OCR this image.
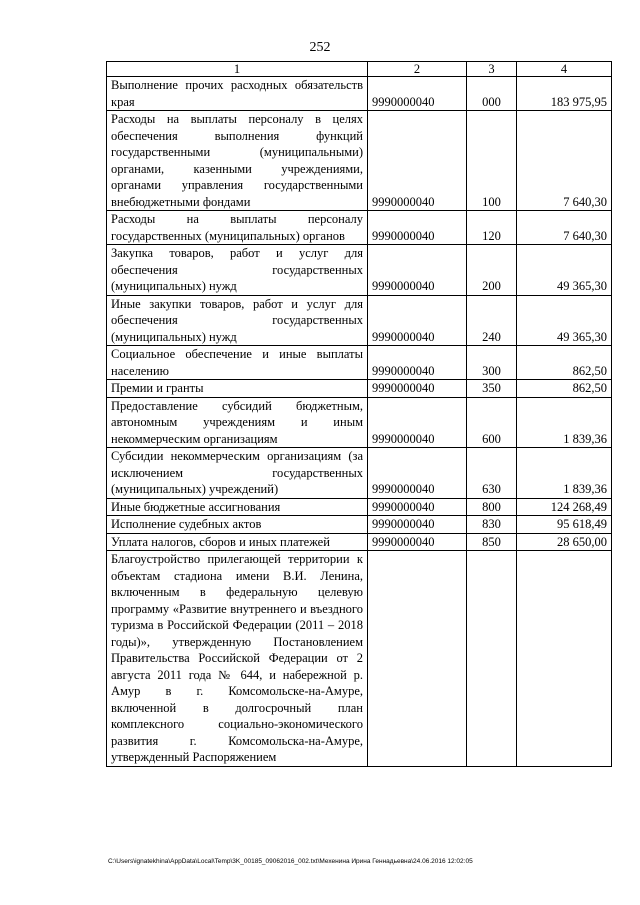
252
1	2	3	4
Выполнение прочих расходных обязательств края	9990000040	000	183 975,95
Расходы на выплаты персоналу в целях обеспечения выполнения функций государственными (муниципальными) органами, казенными учреждениями, органами управления государственными внебюджетными фондами	9990000040	100	7 640,30
Расходы на выплаты персоналу государственных (муниципальных) органов	9990000040	120	7 640,30
Закупка товаров, работ и услуг для обеспечения государственных (муниципальных) нужд	9990000040	200	49 365,30
Иные закупки товаров, работ и услуг для обеспечения государственных (муниципальных) нужд	9990000040	240	49 365,30
Социальное обеспечение и иные выплаты населению	9990000040	300	862,50
Премии и гранты	9990000040	350	862,50
Предоставление субсидий бюджетным, автономным учреждениям и иным некоммерческим организациям	9990000040	600	1 839,36
Субсидии некоммерческим организациям (за исключением государственных (муниципальных) учреждений)	9990000040	630	1 839,36
Иные бюджетные ассигнования	9990000040	800	124 268,49
Исполнение судебных актов	9990000040	830	95 618,49
Уплата налогов, сборов и иных платежей	9990000040	850	28 650,00
Благоустройство прилегающей территории к объектам стадиона имени В.И. Ленина, включенным в федеральную целевую программу «Развитие внутреннего и въездного туризма в Российской Федерации (2011 – 2018 годы)», утвержденную Постановлением Правительства Российской Федерации от 2 августа 2011 года № 644, и набережной р. Амур в г. Комсомольске-на-Амуре, включенной в долгосрочный план комплексного социально-экономического развития г. Комсомольска-на-Амуре, утвержденный Распоряжением			
C:\Users\ignatekhina\AppData\Local\Temp\3K_00185_09062016_002.txt\Мехенина Ирина Геннадьевна\24.06.2016 12:02:05
